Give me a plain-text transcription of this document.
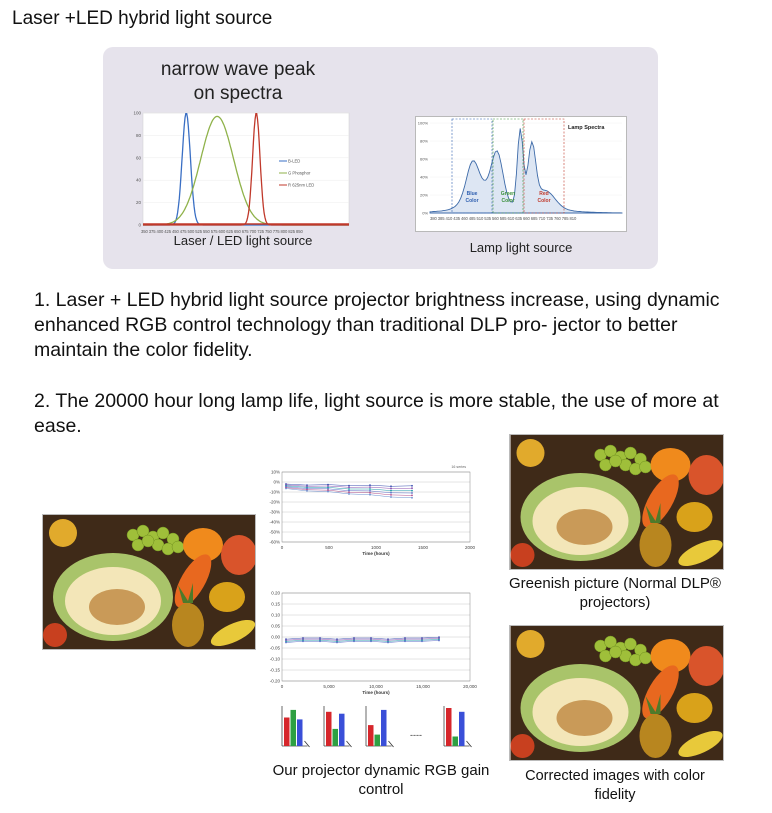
Laser +LED hybrid light source
narrow wave peak
on spectra
100
80
60
40
20
0
B-LED
G Phosphor
R 625nm LED
350 375 400 425 450 475 500 525 550 575 600 625 650 675 700 725 750 775 800 825 850
Laser / LED light source
100%
80%
60%
40%
20%
0%
Lamp Spectra
Blue
Color
Green
Color
Red
Color
380 385 410 435 460 485 510 535 560 585 610 635 660 685 710 735 760 785 810
Lamp light source
1. Laser + LED hybrid light source projector brightness increase, using dynamic enhanced RGB control technology than traditional DLP pro- jector to better maintain the color fidelity.
2. The 20000 hour long lamp life, light source is more stable, the use of more at ease.
Greenish picture (Normal DLP® projectors)
Corrected images with color fidelity
10%
0%
-10%
-20%
-30%
-40%
-50%
-60%
16 series
0	500	1000	1500	2000
Time (hours)
0.20
0.15
0.10
0.05
0.00
-0.05
-0.10
-0.15
-0.20
0	5,000	10,000	15,000	20,000
Time (hours)
----
Our projector dynamic RGB gain control
